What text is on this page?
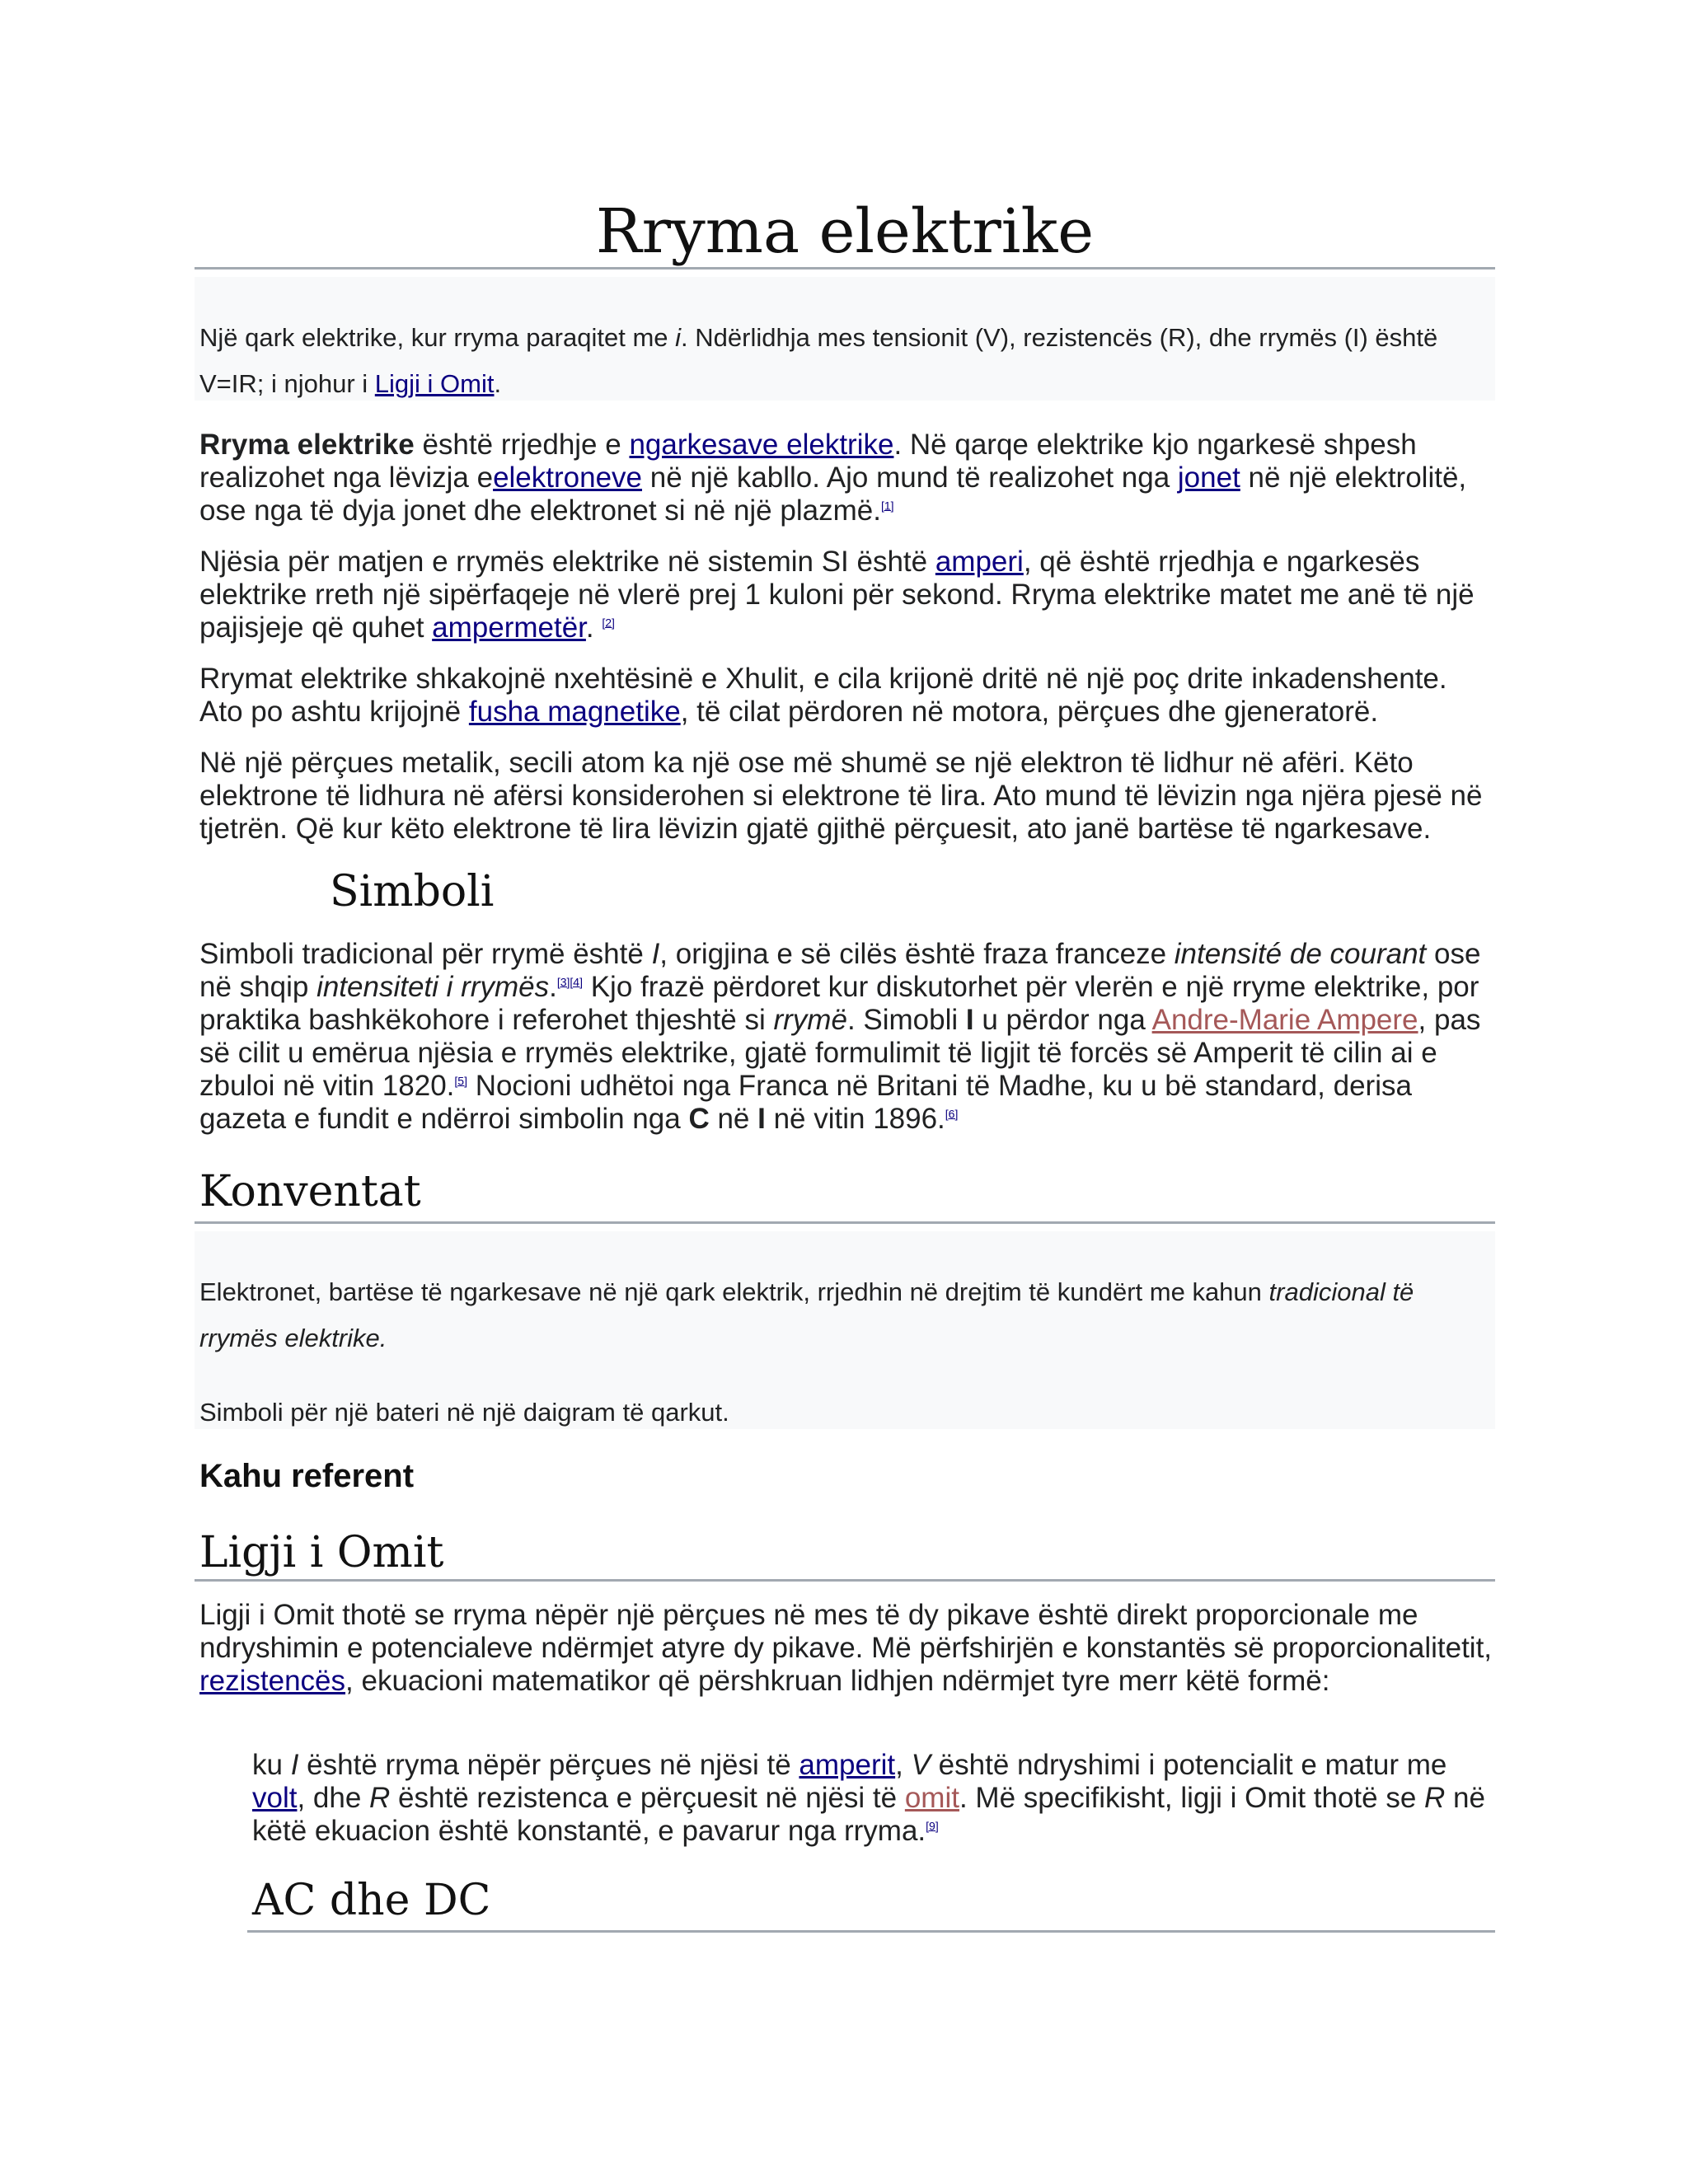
Rryma elektrike

Një qark elektrike, kur rryma paraqitet me i. Ndërlidhja mes tensionit (V), rezistencës (R), dhe rrymës (I) është
V=IR; i njohur i Ligji i Omit.

Rryma elektrike është rrjedhje e ngarkesave elektrike. Në qarqe elektrike kjo ngarkesë shpesh realizohet nga lëvizja eelektroneve në një kabllo. Ajo mund të realizohet nga jonet në një elektrolitë, ose nga të dyja jonet dhe elektronet si në një plazmë.[1]

Njësia për matjen e rrymës elektrike në sistemin SI është amperi, që është rrjedhja e ngarkesës elektrike rreth një sipërfaqeje në vlerë prej 1 kuloni për sekond. Rryma elektrike matet me anë të një pajisjeje që quhet ampermetër. [2]

Rrymat elektrike shkakojnë nxehtësinë e Xhulit, e cila krijonë dritë në një poç drite inkadenshente. Ato po ashtu krijojnë fusha magnetike, të cilat përdoren në motora, përçues dhe gjeneratorë.

Në një përçues metalik, secili atom ka një ose më shumë se një elektron të lidhur në afëri. Këto elektrone të lidhura në afërsi konsiderohen si elektrone të lira. Ato mund të lëvizin nga njëra pjesë në tjetrën. Që kur këto elektrone të lira lëvizin gjatë gjithë përçuesit, ato janë bartëse të ngarkesave.

Simboli

Simboli tradicional për rrymë është I, origjina e së cilës është fraza franceze intensité de courant ose në shqip intensiteti i rrymës.[3][4] Kjo frazë përdoret kur diskutorhet për vlerën e një rryme elektrike, por praktika bashkëkohore i referohet thjeshtë si rrymë. Simobli I u përdor nga Andre-Marie Ampere, pas së cilit u emërua njësia e rrymës elektrike, gjatë formulimit të ligjit të forcës së Amperit të cilin ai e zbuloi në vitin 1820.[5] Nocioni udhëtoi nga Franca në Britani të Madhe, ku u bë standard, derisa gazeta e fundit e ndërroi simbolin nga C në I në vitin 1896.[6]

Konventat

Elektronet, bartëse të ngarkesave në një qark elektrik, rrjedhin në drejtim të kundërt me kahun tradicional të
rrymës elektrike.

Simboli për një bateri në një daigram të qarkut.

Kahu referent
Ligji i Omit

Ligji i Omit thotë se rryma nëpër një përçues në mes të dy pikave është direkt proporcionale me ndryshimin e potencialeve ndërmjet atyre dy pikave. Më përfshirjën e konstantës së proporcionalitetit, rezistencës, ekuacioni matematikor që përshkruan lidhjen ndërmjet tyre merr këtë formë:

ku I është rryma nëpër përçues në njësi të amperit, V është ndryshimi i potencialit e matur me volt, dhe R është rezistenca e përçuesit në njësi të omit. Më specifikisht, ligji i Omit thotë se R në këtë ekuacion është konstantë, e pavarur nga rryma.[9]

AC dhe DC
